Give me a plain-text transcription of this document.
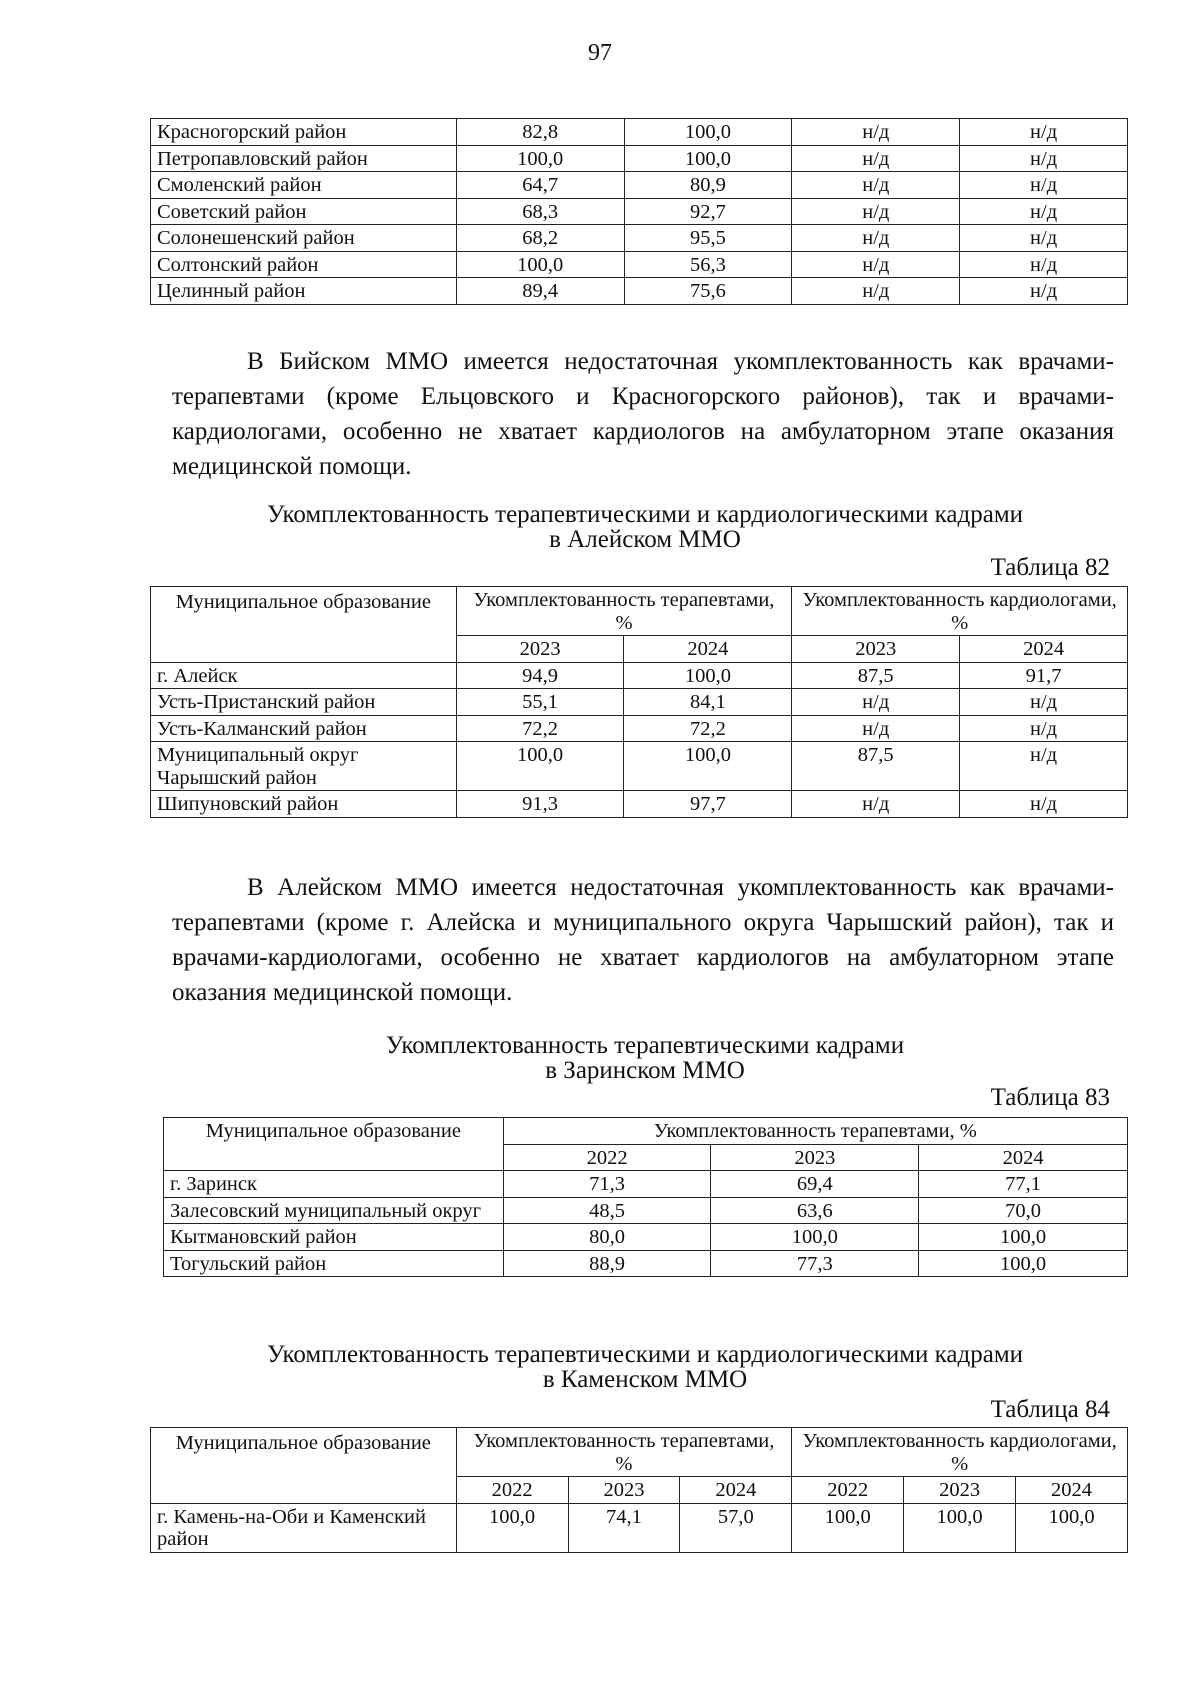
97
Красногорский район	82,8	100,0	н/д	н/д
Петропавловский район	100,0	100,0	н/д	н/д
Смоленский район	64,7	80,9	н/д	н/д
Советский район	68,3	92,7	н/д	н/д
Солонешенский район	68,2	95,5	н/д	н/д
Солтонский район	100,0	56,3	н/д	н/д
Целинный район	89,4	75,6	н/д	н/д

В Бийском ММО имеется недостаточная укомплектованность как врачами-терапевтами (кроме Ельцовского и Красногорского районов), так и врачами-кардиологами, особенно не хватает кардиологов на амбулаторном этапе оказания медицинской помощи.

Укомплектованность терапевтическими и кардиологическими кадрами

в Алейском ММО

Таблица 82

Муниципальное образование	Укомплектованность терапевтами, %		Укомплектованность кардиологами, %	
	2023	2024	2023	2024
г. Алейск	94,9	100,0	87,5	91,7
Усть-Пристанский район	55,1	84,1	н/д	н/д
Усть-Калманский район	72,2	72,2	н/д	н/д
Муниципальный округ Чарышский район	100,0	100,0	87,5	н/д
Шипуновский район	91,3	97,7	н/д	н/д

В Алейском ММО имеется недостаточная укомплектованность как врачами-терапевтами (кроме г. Алейска и муниципального округа Чарышский район), так и врачами-кардиологами, особенно не хватает кардиологов на амбулаторном этапе оказания медицинской помощи.

Укомплектованность терапевтическими кадрами

в Заринском ММО

Таблица 83

Муниципальное образование	Укомплектованность терапевтами, %		
	2022	2023	2024
г. Заринск	71,3	69,4	77,1
Залесовский муниципальный округ	48,5	63,6	70,0
Кытмановский район	80,0	100,0	100,0
Тогульский район	88,9	77,3	100,0

Укомплектованность терапевтическими и кардиологическими кадрами

в Каменском ММО

Таблица 84

Муниципальное образование	Укомплектованность терапевтами, %			Укомплектованность кардиологами, %		
	2022	2023	2024	2022	2023	2024
г. Камень-на-Оби и Каменский район	100,0	74,1	57,0	100,0	100,0	100,0
